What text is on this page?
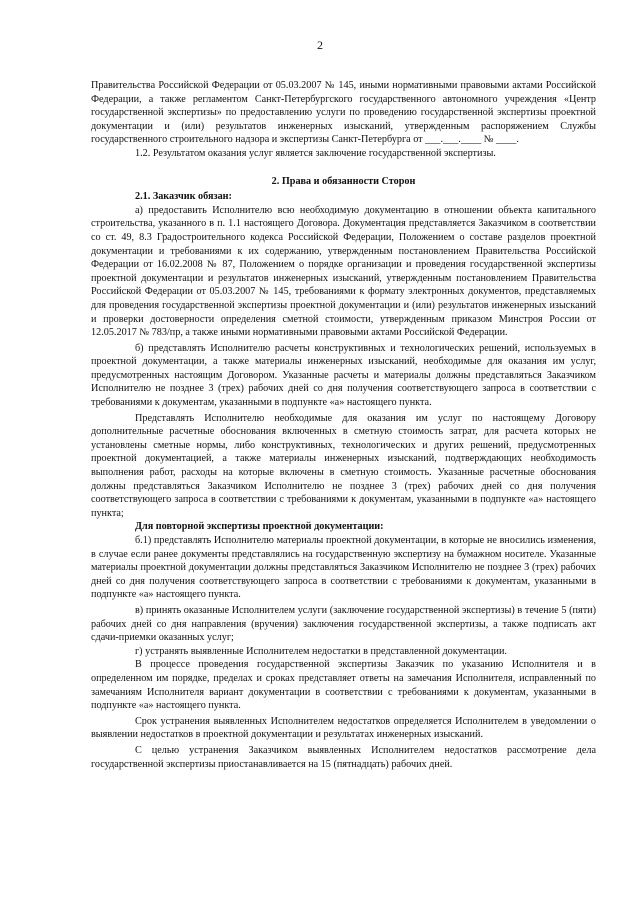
2

Правительства Российской Федерации от 05.03.2007 № 145, иными нормативными правовыми актами Российской Федерации, а также регламентом Санкт-Петербургского государственного автономного учреждения «Центр государственной экспертизы» по предоставлению услуги по проведению государственной экспертизы проектной документации и (или) результатов инженерных изысканий, утвержденным распоряжением Службы государственного строительного надзора и экспертизы Санкт-Петербурга от ___.___.____ № ____.

1.2. Результатом оказания услуг является заключение государственной экспертизы.

2. Права и обязанности Сторон

2.1. Заказчик обязан:

а) предоставить Исполнителю всю необходимую документацию в отношении объекта капитального строительства, указанного в п. 1.1 настоящего Договора. Документация представляется Заказчиком в соответствии со ст. 49, 8.3 Градостроительного кодекса Российской Федерации, Положением о составе разделов проектной документации и требованиями к их содержанию, утвержденным постановлением Правительства Российской Федерации от 16.02.2008 № 87, Положением о порядке организации и проведения государственной экспертизы проектной документации и результатов инженерных изысканий, утвержденным постановлением Правительства Российской Федерации от 05.03.2007 № 145, требованиями к формату электронных документов, представляемых для проведения государственной экспертизы проектной документации и (или) результатов инженерных изысканий и проверки достоверности определения сметной стоимости, утвержденным приказом Минстроя России от 12.05.2017 № 783/пр, а также иными нормативными правовыми актами Российской Федерации.

б) представлять Исполнителю расчеты конструктивных и технологических решений, используемых в проектной документации, а также материалы инженерных изысканий, необходимые для оказания им услуг, предусмотренных настоящим Договором. Указанные расчеты и материалы должны представляться Заказчиком Исполнителю не позднее 3 (трех) рабочих дней со дня получения соответствующего запроса в соответствии с требованиями к документам, указанными в подпункте «а» настоящего пункта.

Представлять Исполнителю необходимые для оказания им услуг по настоящему Договору дополнительные расчетные обоснования включенных в сметную стоимость затрат, для расчета которых не установлены сметные нормы, либо конструктивных, технологических и других решений, предусмотренных проектной документацией, а также материалы инженерных изысканий, подтверждающих необходимость выполнения работ, расходы на которые включены в сметную стоимость. Указанные расчетные обоснования должны представляться Заказчиком Исполнителю не позднее 3 (трех) рабочих дней со дня получения соответствующего запроса в соответствии с требованиями к документам, указанными в подпункте «а» настоящего пункта;

Для повторной экспертизы проектной документации:

б.1) представлять Исполнителю материалы проектной документации, в которые не вносились изменения, в случае если ранее документы представлялись на государственную экспертизу на бумажном носителе. Указанные материалы проектной документации должны представляться Заказчиком Исполнителю не позднее 3 (трех) рабочих дней со дня получения соответствующего запроса в соответствии с требованиями к документам, указанными в подпункте «а» настоящего пункта.

в) принять оказанные Исполнителем услуги (заключение государственной экспертизы) в течение 5 (пяти) рабочих дней со дня направления (вручения) заключения государственной экспертизы, а также подписать акт сдачи-приемки оказанных услуг;

г) устранять выявленные Исполнителем недостатки в представленной документации.

В процессе проведения государственной экспертизы Заказчик по указанию Исполнителя и в определенном им порядке, пределах и сроках представляет ответы на замечания Исполнителя, исправленный по замечаниям Исполнителя вариант документации в соответствии с требованиями к документам, указанными в подпункте «а» настоящего пункта.

Срок устранения выявленных Исполнителем недостатков определяется Исполнителем в уведомлении о выявлении недостатков в проектной документации и результатах инженерных изысканий.

С целью устранения Заказчиком выявленных Исполнителем недостатков рассмотрение дела государственной экспертизы приостанавливается на 15 (пятнадцать) рабочих дней.
